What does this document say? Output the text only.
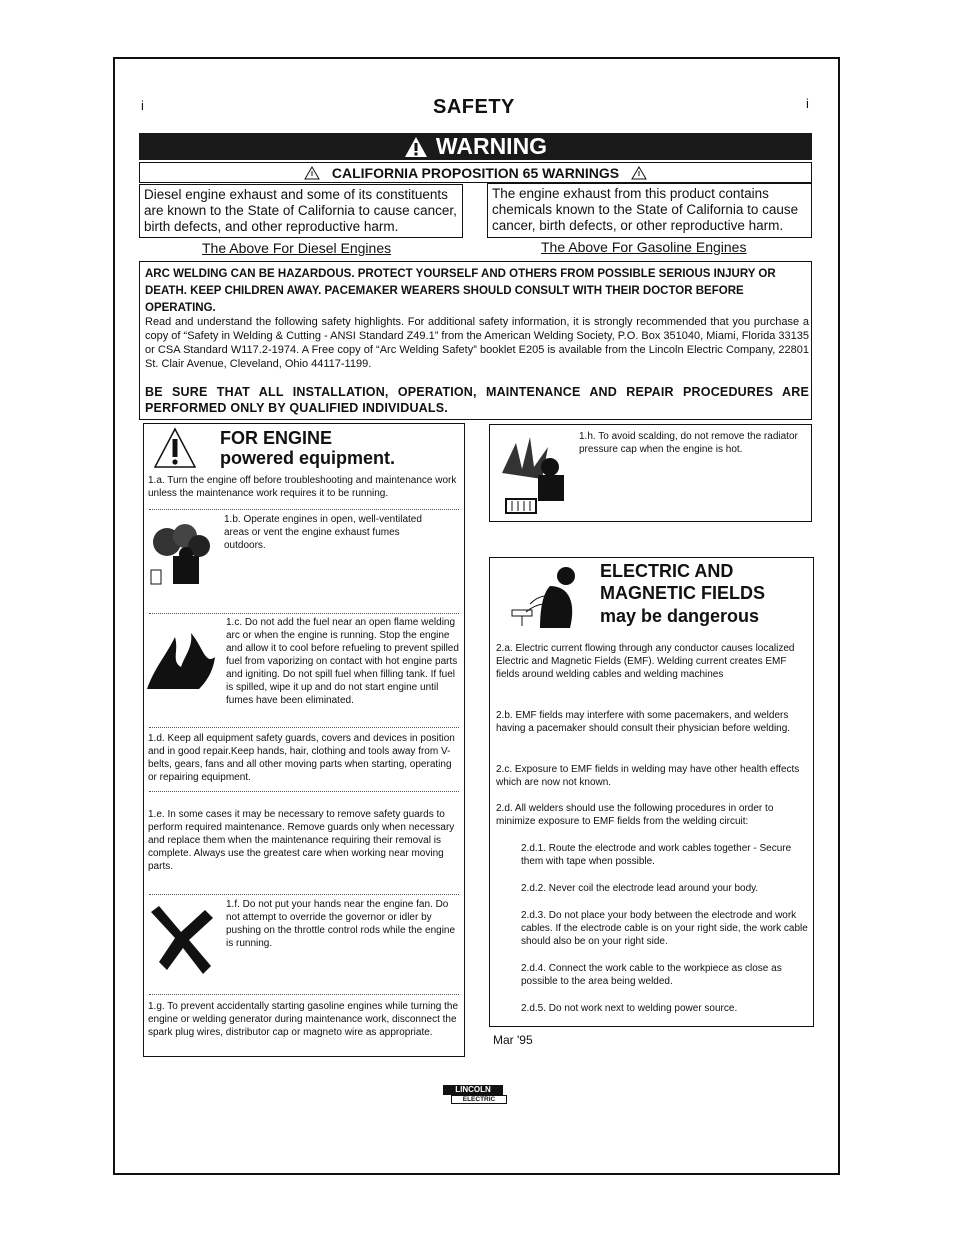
i	SAFETY	i
WARNING
CALIFORNIA PROPOSITION 65 WARNINGS
Diesel engine exhaust and some of its constituents are known to the State of California to cause cancer, birth defects, and other reproductive harm.
The engine exhaust from this product contains chemicals known to the State of California to cause cancer, birth defects, or other reproductive harm.
The Above For Diesel Engines	The Above For Gasoline Engines
ARC WELDING CAN BE HAZARDOUS. PROTECT YOURSELF AND OTHERS FROM POSSIBLE SERIOUS INJURY OR DEATH. KEEP CHILDREN AWAY. PACEMAKER WEARERS SHOULD CONSULT WITH THEIR DOCTOR BEFORE OPERATING.
Read and understand the following safety highlights. For additional safety information, it is strongly recommended that you purchase a copy of “Safety in Welding & Cutting - ANSI Standard Z49.1” from the American Welding Society, P.O. Box 351040, Miami, Florida 33135 or CSA Standard W117.2-1974. A Free copy of “Arc Welding Safety” booklet E205 is available from the Lincoln Electric Company, 22801 St. Clair Avenue, Cleveland, Ohio 44117-1199.
BE SURE THAT ALL INSTALLATION, OPERATION, MAINTENANCE AND REPAIR PROCEDURES ARE PERFORMED ONLY BY QUALIFIED INDIVIDUALS.
FOR ENGINE
powered equipment.
1.a. Turn the engine off before troubleshooting and maintenance work unless the maintenance work requires it to be running.
1.b. Operate engines in open, well-ventilated areas or vent the engine exhaust fumes outdoors.
1.c. Do not add the fuel near an open flame welding arc or when the engine is running. Stop the engine and allow it to cool before refueling to prevent spilled fuel from vaporizing on contact with hot engine parts and igniting. Do not spill fuel when filling tank. If fuel is spilled, wipe it up and do not start engine until fumes have been eliminated.
1.d. Keep all equipment safety guards, covers and devices in position and in good repair.Keep hands, hair, clothing and tools away from V-belts, gears, fans and all other moving parts when starting, operating or repairing equipment.
1.e. In some cases it may be necessary to remove safety guards to perform required maintenance. Remove guards only when necessary and replace them when the maintenance requiring their removal is complete. Always use the greatest care when working near moving parts.
1.f. Do not put your hands near the engine fan. Do not attempt to override the governor or idler by pushing on the throttle control rods while the engine is running.
1.g. To prevent accidentally starting gasoline engines while turning the engine or welding generator during maintenance work, disconnect the spark plug wires, distributor cap or magneto wire as appropriate.
1.h. To avoid scalding, do not remove the radiator pressure cap when the engine is hot.
ELECTRIC AND
MAGNETIC FIELDS
may be dangerous
2.a. Electric current flowing through any conductor causes localized Electric and Magnetic Fields (EMF). Welding current creates EMF fields around welding cables and welding machines
2.b. EMF fields may interfere with some pacemakers, and welders having a pacemaker should consult their physician before welding.
2.c. Exposure to EMF fields in welding may have other health effects which are now not known.
2.d. All welders should use the following procedures in order to minimize exposure to EMF fields from the welding circuit:
2.d.1. Route the electrode and work cables together - Secure them with tape when possible.
2.d.2. Never coil the electrode lead around your body.
2.d.3. Do not place your body between the electrode and work cables. If the electrode cable is on your right side, the work cable should also be on your right side.
2.d.4. Connect the work cable to the workpiece as close as possible to the area being welded.
2.d.5. Do not work next to welding power source.
Mar '95
LINCOLN
ELECTRIC
